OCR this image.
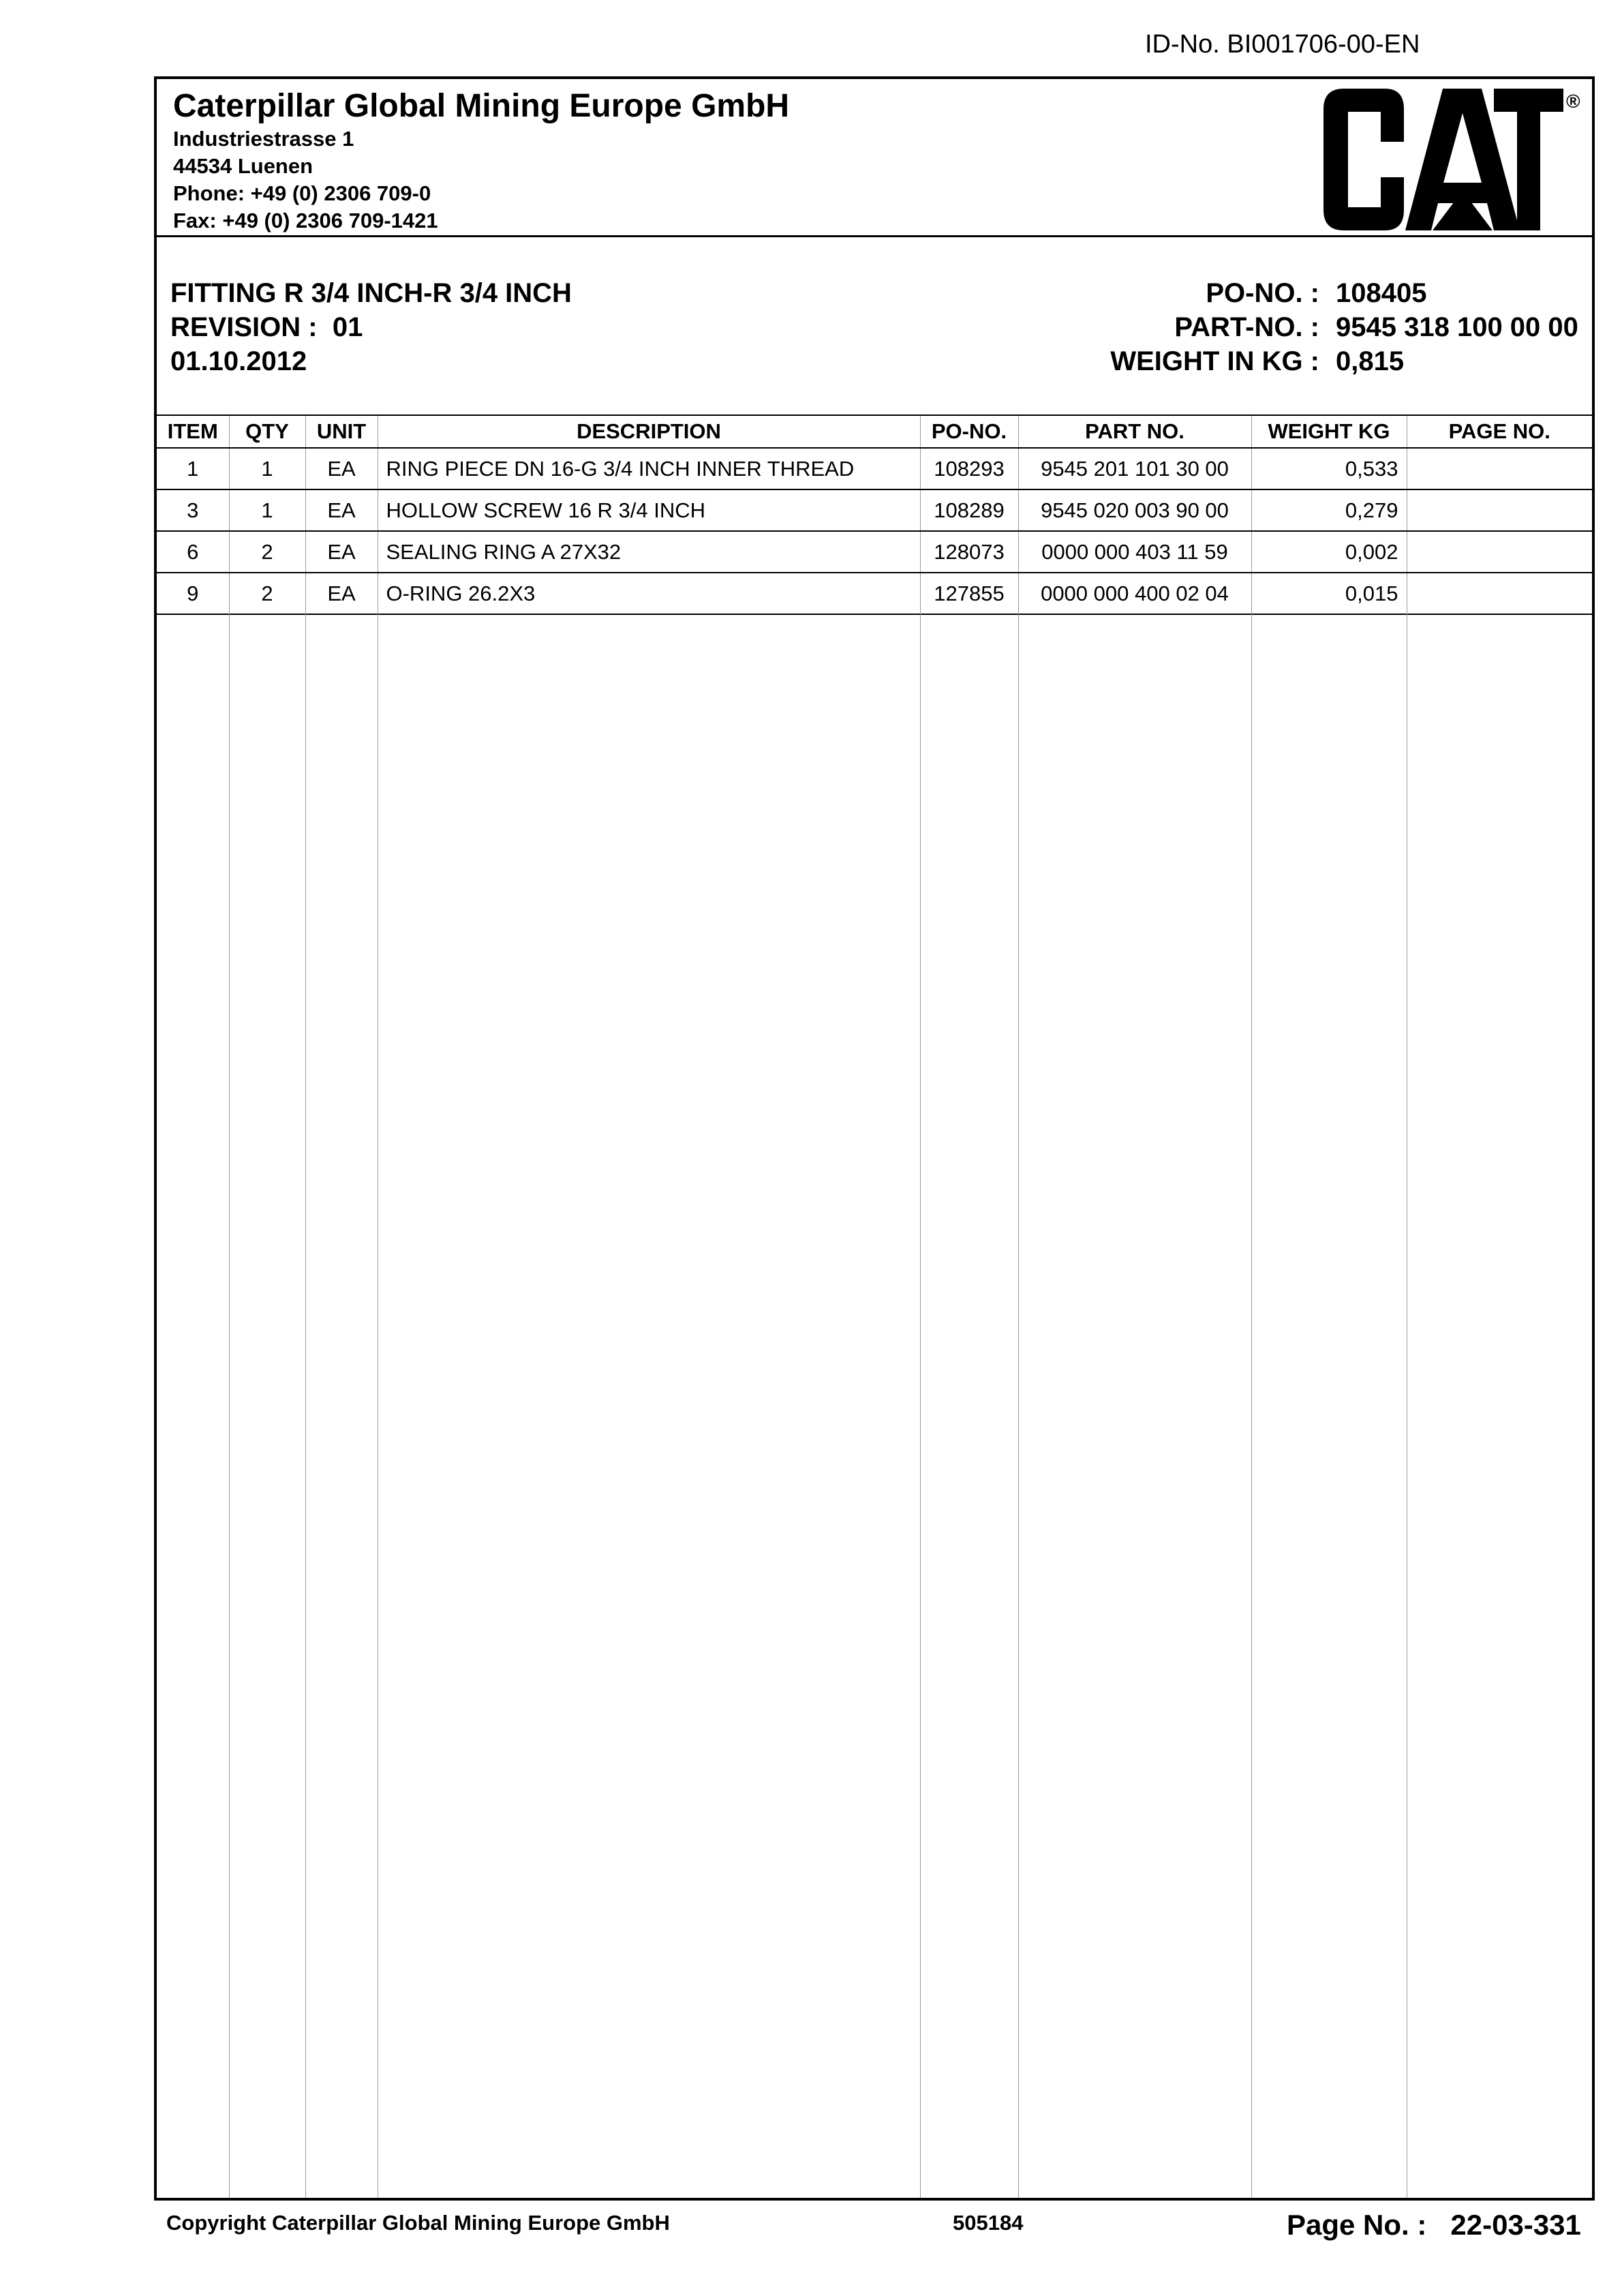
ID-No. BI001706-00-EN
Caterpillar Global Mining Europe GmbH
Industriestrasse 1
44534 Luenen
Phone: +49 (0) 2306 709-0
Fax: +49 (0) 2306 709-1421
®
FITTING R 3/4 INCH-R 3/4 INCH
REVISION : 01
01.10.2012
PO-NO. : 108405
PART-NO. : 9545 318 100 00 00
WEIGHT IN KG : 0,815
ITEM	QTY	UNIT	DESCRIPTION	PO-NO.	PART NO.	WEIGHT KG	PAGE NO.
1	1	EA	RING PIECE DN 16-G 3/4 INCH INNER THREAD	108293	9545 201 101 30 00	0,533	
3	1	EA	HOLLOW SCREW 16 R 3/4 INCH	108289	9545 020 003 90 00	0,279	
6	2	EA	SEALING RING A 27X32	128073	0000 000 403 11 59	0,002	
9	2	EA	O-RING 26.2X3	127855	0000 000 400 02 04	0,015	
Copyright Caterpillar Global Mining Europe GmbH	505184	Page No. : 22-03-331
